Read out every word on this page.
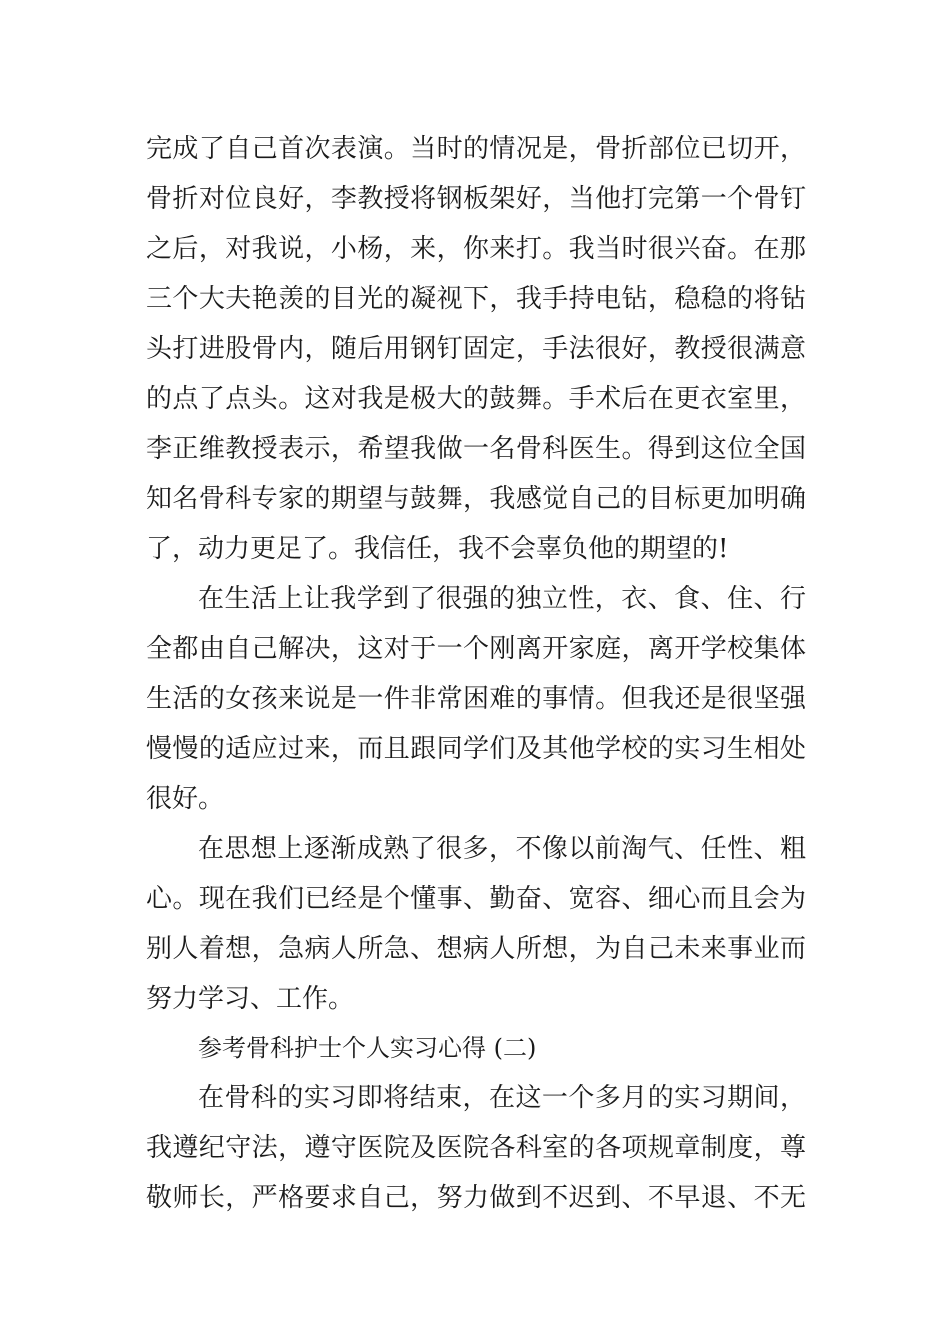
完成了自己首次表演。当时的情况是，骨折部位已切开，
骨折对位良好，李教授将钢板架好，当他打完第一个骨钉
之后，对我说，小杨，来，你来打。我当时很兴奋。在那
三个大夫艳羡的目光的凝视下，我手持电钻，稳稳的将钻
头打进股骨内，随后用钢钉固定，手法很好，教授很满意
的点了点头。这对我是极大的鼓舞。手术后在更衣室里，
李正维教授表示，希望我做一名骨科医生。得到这位全国
知名骨科专家的期望与鼓舞，我感觉自己的目标更加明确
了，动力更足了。我信任，我不会辜负他的期望的!
在生活上让我学到了很强的独立性，衣、食、住、行
全都由自己解决，这对于一个刚离开家庭，离开学校集体
生活的女孩来说是一件非常困难的事情。但我还是很坚强
慢慢的适应过来，而且跟同学们及其他学校的实习生相处
很好。
在思想上逐渐成熟了很多，不像以前淘气、任性、粗
心。现在我们已经是个懂事、勤奋、宽容、细心而且会为
别人着想，急病人所急、想病人所想，为自己未来事业而
努力学习、工作。
参考骨科护士个人实习心得 (二)
在骨科的实习即将结束，在这一个多月的实习期间，
我遵纪守法，遵守医院及医院各科室的各项规章制度，尊
敬师长，严格要求自己，努力做到不迟到、不早退、不无
